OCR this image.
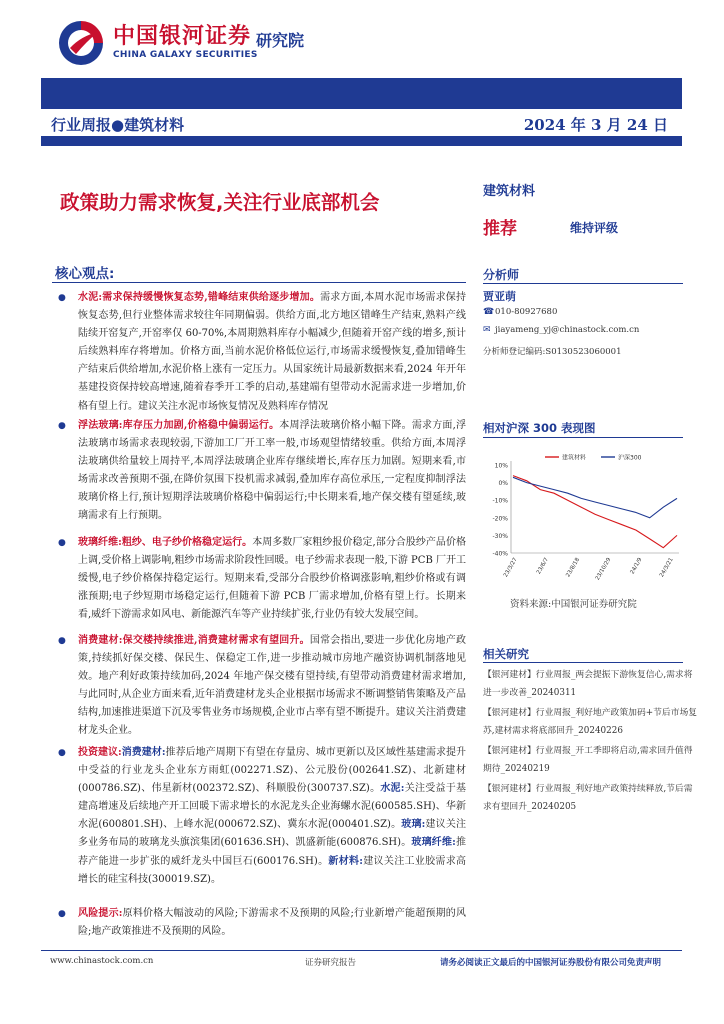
中国银河证券
CHINA GALAXY SECURITIES
研究院
行业周报●建筑材料	2024 年 3 月 24 日
政策助力需求恢复,关注行业底部机会	建筑材料
推荐	维持评级
核心观点:
● 水泥:需求保持缓慢恢复态势,错峰结束供给逐步增加。需求方面,本周水泥市场需求保持恢复态势,但行业整体需求较往年同期偏弱。供给方面,北方地区错峰生产结束,熟料产线陆续开窑复产,开窑率仅 60-70%,本周期熟料库存小幅减少,但随着开窑产线的增多,预计后续熟料库存将增加。价格方面,当前水泥价格低位运行,市场需求缓慢恢复,叠加错峰生产结束后供给增加,水泥价格上涨有一定压力。从国家统计局最新数据来看,2024 年开年基建投资保持较高增速,随着春季开工季的启动,基建端有望带动水泥需求进一步增加,价格有望上行。建议关注水泥市场恢复情况及熟料库存情况
● 浮法玻璃:库存压力加剧,价格稳中偏弱运行。本周浮法玻璃价格小幅下降。需求方面,浮法玻璃市场需求表现较弱,下游加工厂开工率一般,市场观望情绪较重。供给方面,本周浮法玻璃供给量较上周持平,本周浮法玻璃企业库存继续增长,库存压力加剧。短期来看,市场需求改善预期不强,在降价氛围下投机需求减弱,叠加库存高位承压,一定程度抑制浮法玻璃价格上行,预计短期浮法玻璃价格稳中偏弱运行;中长期来看,地产保交楼有望延续,玻璃需求有上行预期。
● 玻璃纤维:粗纱、电子纱价格稳定运行。本周多数厂家粗纱报价稳定,部分合股纱产品价格上调,受价格上调影响,粗纱市场需求阶段性回暖。电子纱需求表现一般,下游 PCB 厂开工缓慢,电子纱价格保持稳定运行。短期来看,受部分合股纱价格调涨影响,粗纱价格或有调涨预期;电子纱短期市场稳定运行,但随着下游 PCB 厂需求增加,价格有望上行。长期来看,威纤下游需求如风电、新能源汽车等产业持续扩张,行业仍有较大发展空间。
● 消费建材:保交楼持续推进,消费建材需求有望回升。国常会指出,要进一步优化房地产政策,持续抓好保交楼、保民生、保稳定工作,进一步推动城市房地产融资协调机制落地见效。地产利好政策持续加码,2024 年地产保交楼有望持续,有望带动消费建材需求增加,与此同时,从企业方面来看,近年消费建材龙头企业根据市场需求不断调整销售策略及产品结构,加速推进渠道下沉及零售业务市场规模,企业市占率有望不断提升。建议关注消费建材龙头企业。
● 投资建议:消费建材:推荐后地产周期下有望在存量房、城市更新以及区域性基建需求提升中受益的行业龙头企业东方雨虹(002271.SZ)、公元股份(002641.SZ)、北新建材(000786.SZ)、伟星新材(002372.SZ)、科顺股份(300737.SZ)。水泥:关注受益于基建高增速及后续地产开工回暖下需求增长的水泥龙头企业海螺水泥(600585.SH)、华新水泥(600801.SH)、上峰水泥(000672.SZ)、冀东水泥(000401.SZ)。玻璃:建议关注多业务布局的玻璃龙头旗滨集团(601636.SH)、凯盛新能(600876.SH)。玻璃纤维:推荐产能进一步扩张的威纤龙头中国巨石(600176.SH)。新材料:建议关注工业胶需求高增长的硅宝科技(300019.SZ)。
● 风险提示:原料价格大幅波动的风险;下游需求不及预期的风险;行业新增产能超预期的风险;地产政策推进不及预期的风险。
分析师
贾亚萌
☎010-80927680
✉ jiayameng_yj@chinastock.com.cn
分析师登记编码:S0130523060001
相对沪深 300 表现图
10%
0%
-10%
-20%
-30%
-40%
23/3/27	23/6/7	23/8/18 23/10/29	24/1/9	24/3/21
建筑材料	沪深300
资料来源:中国银河证券研究院
相关研究
【银河建材】行业周报_两会提振下游恢复信心,需求将进一步改善_20240311
【银河建材】行业周报_利好地产政策加码+节后市场复苏,建材需求将底部回升_20240226
【银河建材】行业周报_开工季即将启动,需求回升值得期待_20240219
【银河建材】行业周报_利好地产政策持续释放,节后需求有望回升_20240205
www.chinastock.com.cn	证券研究报告	请务必阅读正文最后的中国银河证券股份有限公司免责声明
